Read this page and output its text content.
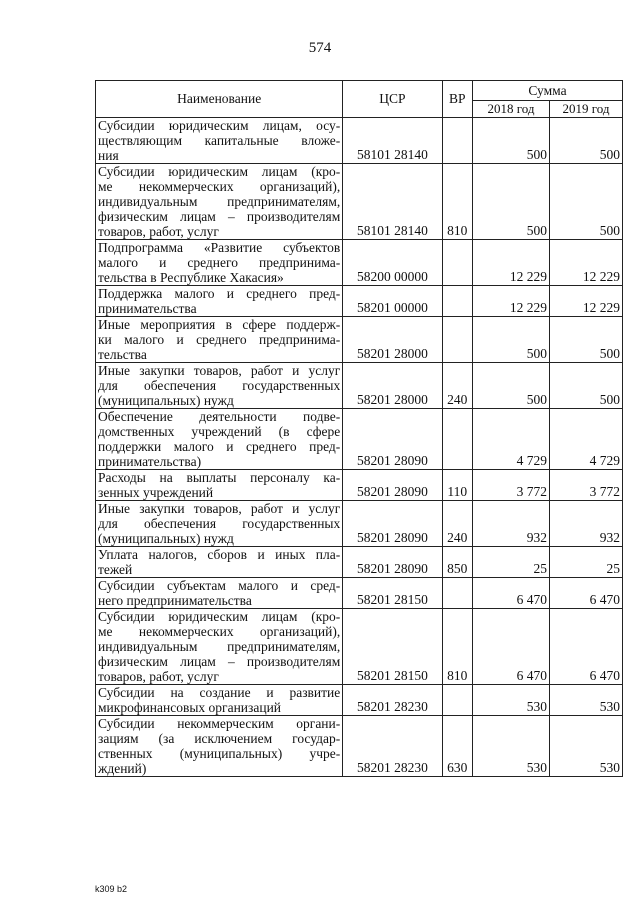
574
Наименование	ЦСР	ВР	Сумма	
			2018 год	2019 год

Субсидии юридическим лицам, осу-
ществляющим капитальные вложе-
ния	58101 28140		500	500

Субсидии юридическим лицам (кро-
ме некоммерческих организаций),
индивидуальным предпринимателям,
физическим лицам – производителям
товаров, работ, услуг	58101 28140	810	500	500

Подпрограмма «Развитие субъектов
малого и среднего предпринима-
тельства в Республике Хакасия»	58200 00000		12 229	12 229

Поддержка малого и среднего пред-
принимательства	58201 00000		12 229	12 229

Иные мероприятия в сфере поддерж-
ки малого и среднего предпринима-
тельства	58201 28000		500	500

Иные закупки товаров, работ и услуг
для обеспечения государственных
(муниципальных) нужд	58201 28000	240	500	500

Обеспечение деятельности подве-
домственных учреждений (в сфере
поддержки малого и среднего пред-
принимательства)	58201 28090		4 729	4 729

Расходы на выплаты персоналу ка-
зенных учреждений	58201 28090	110	3 772	3 772

Иные закупки товаров, работ и услуг
для обеспечения государственных
(муниципальных) нужд	58201 28090	240	932	932

Уплата налогов, сборов и иных пла-
тежей	58201 28090	850	25	25

Субсидии субъектам малого и сред-
него предпринимательства	58201 28150		6 470	6 470

Субсидии юридическим лицам (кро-
ме некоммерческих организаций),
индивидуальным предпринимателям,
физическим лицам – производителям
товаров, работ, услуг	58201 28150	810	6 470	6 470

Субсидии на создание и развитие
микрофинансовых организаций	58201 28230		530	530

Субсидии некоммерческим органи-
зациям (за исключением государ-
ственных (муниципальных) учре-
ждений)	58201 28230	630	530	530
k309 b2
